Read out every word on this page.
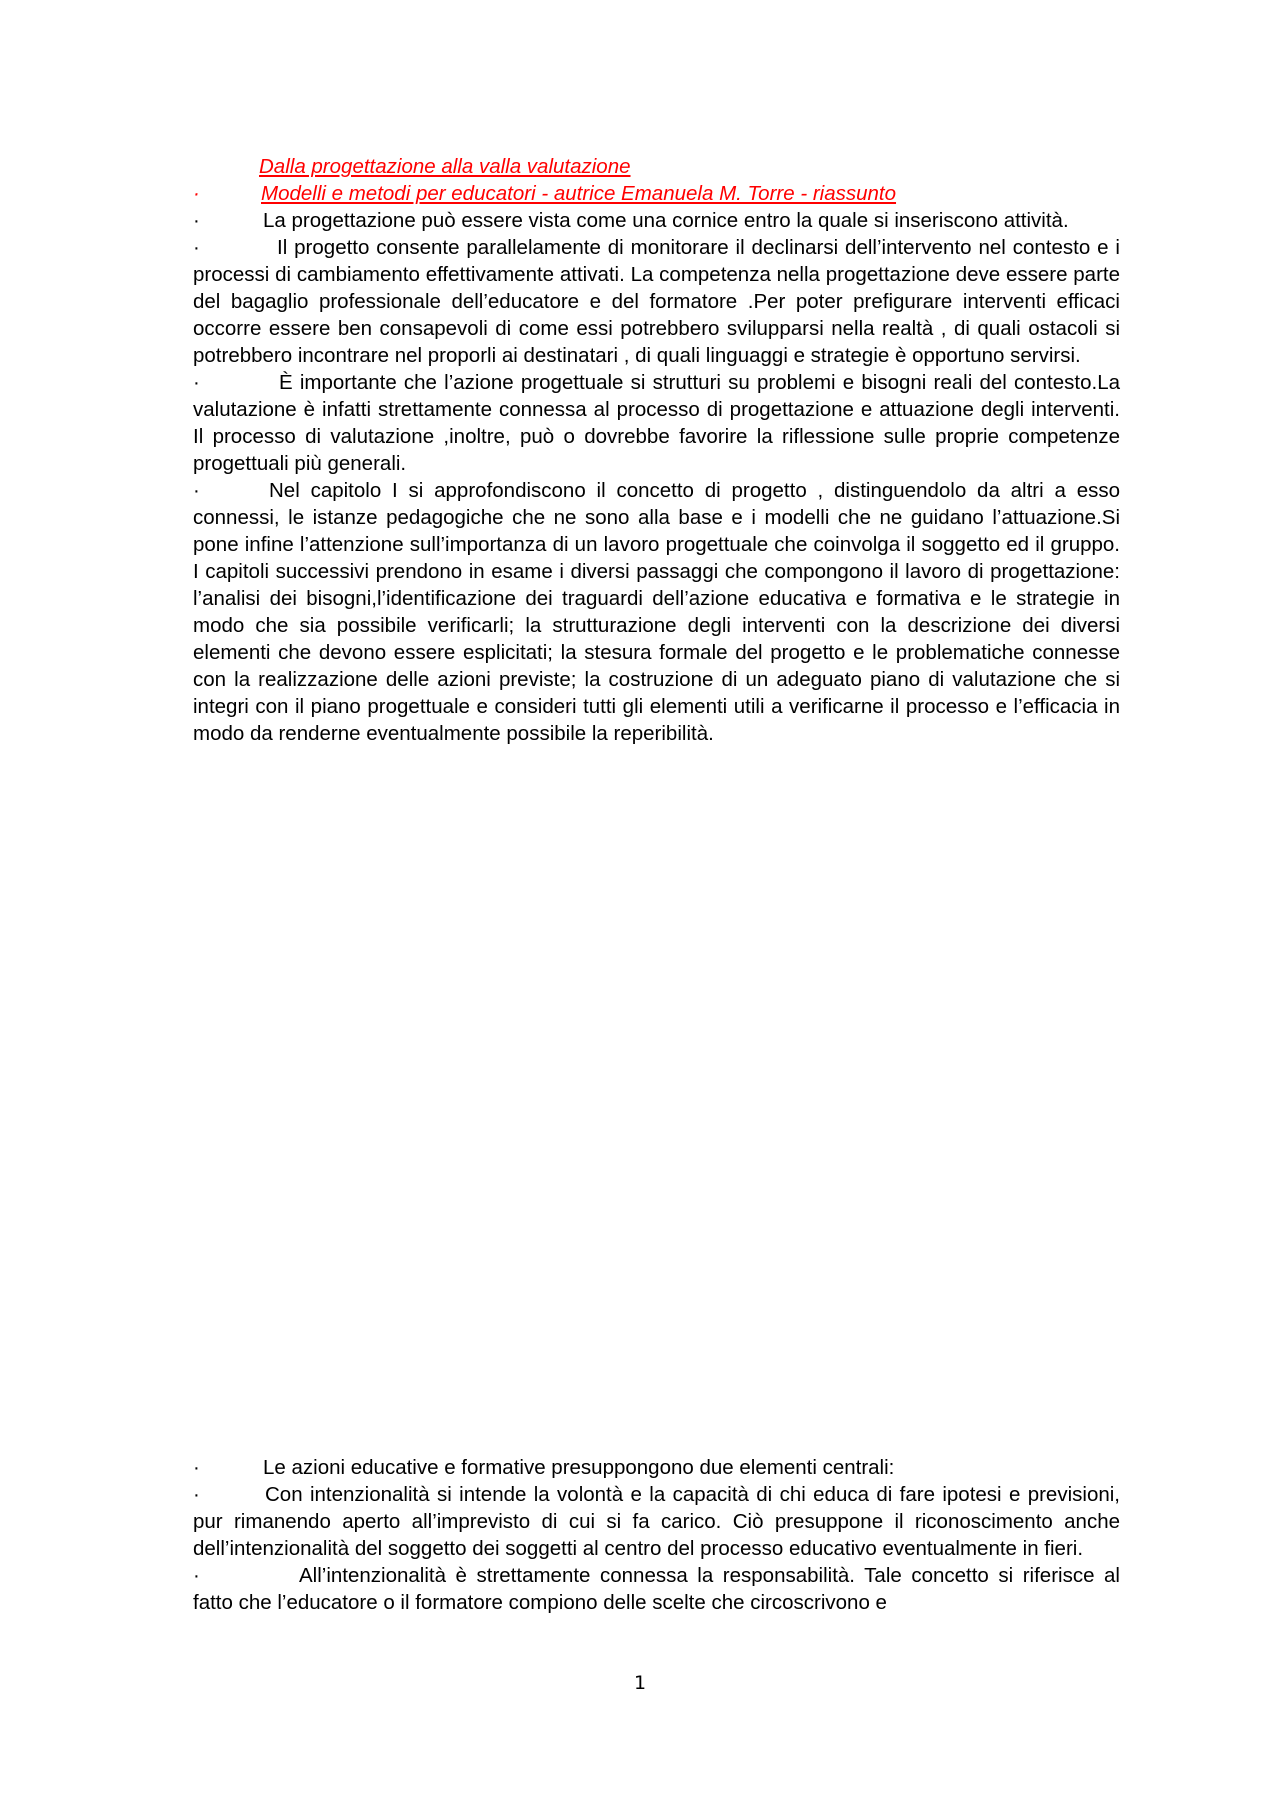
Dalla progettazione alla valla valutazione

·	Modelli e metodi per educatori - autrice Emanuela M. Torre - riassunto

·	La progettazione può essere vista come una cornice entro la quale si inseriscono attività.

·	Il progetto consente parallelamente di monitorare il declinarsi dell’intervento nel contesto e i processi di cambiamento effettivamente attivati. La competenza nella progettazione deve essere parte del bagaglio professionale dell’educatore e del formatore .Per poter prefigurare interventi efficaci occorre essere ben consapevoli di come essi potrebbero svilupparsi nella realtà , di quali ostacoli si potrebbero incontrare nel proporli ai destinatari , di quali linguaggi e strategie è opportuno servirsi.

·	È importante che l’azione progettuale si strutturi su problemi e bisogni reali del contesto.La valutazione è infatti strettamente connessa al processo di progettazione e attuazione degli interventi. Il processo di valutazione ,inoltre, può o dovrebbe favorire la riflessione sulle proprie competenze progettuali più generali.

·	Nel capitolo I si approfondiscono il concetto di progetto , distinguendolo da altri a esso connessi, le istanze pedagogiche che ne sono alla base e i modelli che ne guidano l’attuazione.Si pone infine l’attenzione sull’importanza di un lavoro progettuale che coinvolga il soggetto ed il gruppo. I capitoli successivi prendono in esame i diversi passaggi che compongono il lavoro di progettazione: l’analisi dei bisogni,l’identificazione dei traguardi dell’azione educativa e formativa e le strategie in modo che sia possibile verificarli; la strutturazione degli interventi con la descrizione dei diversi elementi che devono essere esplicitati; la stesura formale del progetto e le problematiche connesse con la realizzazione delle azioni previste; la costruzione di un adeguato piano di valutazione che si integri con il piano progettuale e consideri tutti gli elementi utili a verificarne il processo e l’efficacia in modo da renderne eventualmente possibile la reperibilità.

·	Le azioni educative e formative presuppongono due elementi centrali:

·	Con intenzionalità si intende la volontà e la capacità di chi educa di fare ipotesi e previsioni, pur rimanendo aperto all’imprevisto di cui si fa carico. Ciò presuppone il riconoscimento anche dell’intenzionalità del soggetto dei soggetti al centro del processo educativo eventualmente in fieri.

·	All’intenzionalità è strettamente connessa la responsabilità. Tale concetto si riferisce al fatto che l’educatore o il formatore compiono delle scelte che circoscrivono e

1
